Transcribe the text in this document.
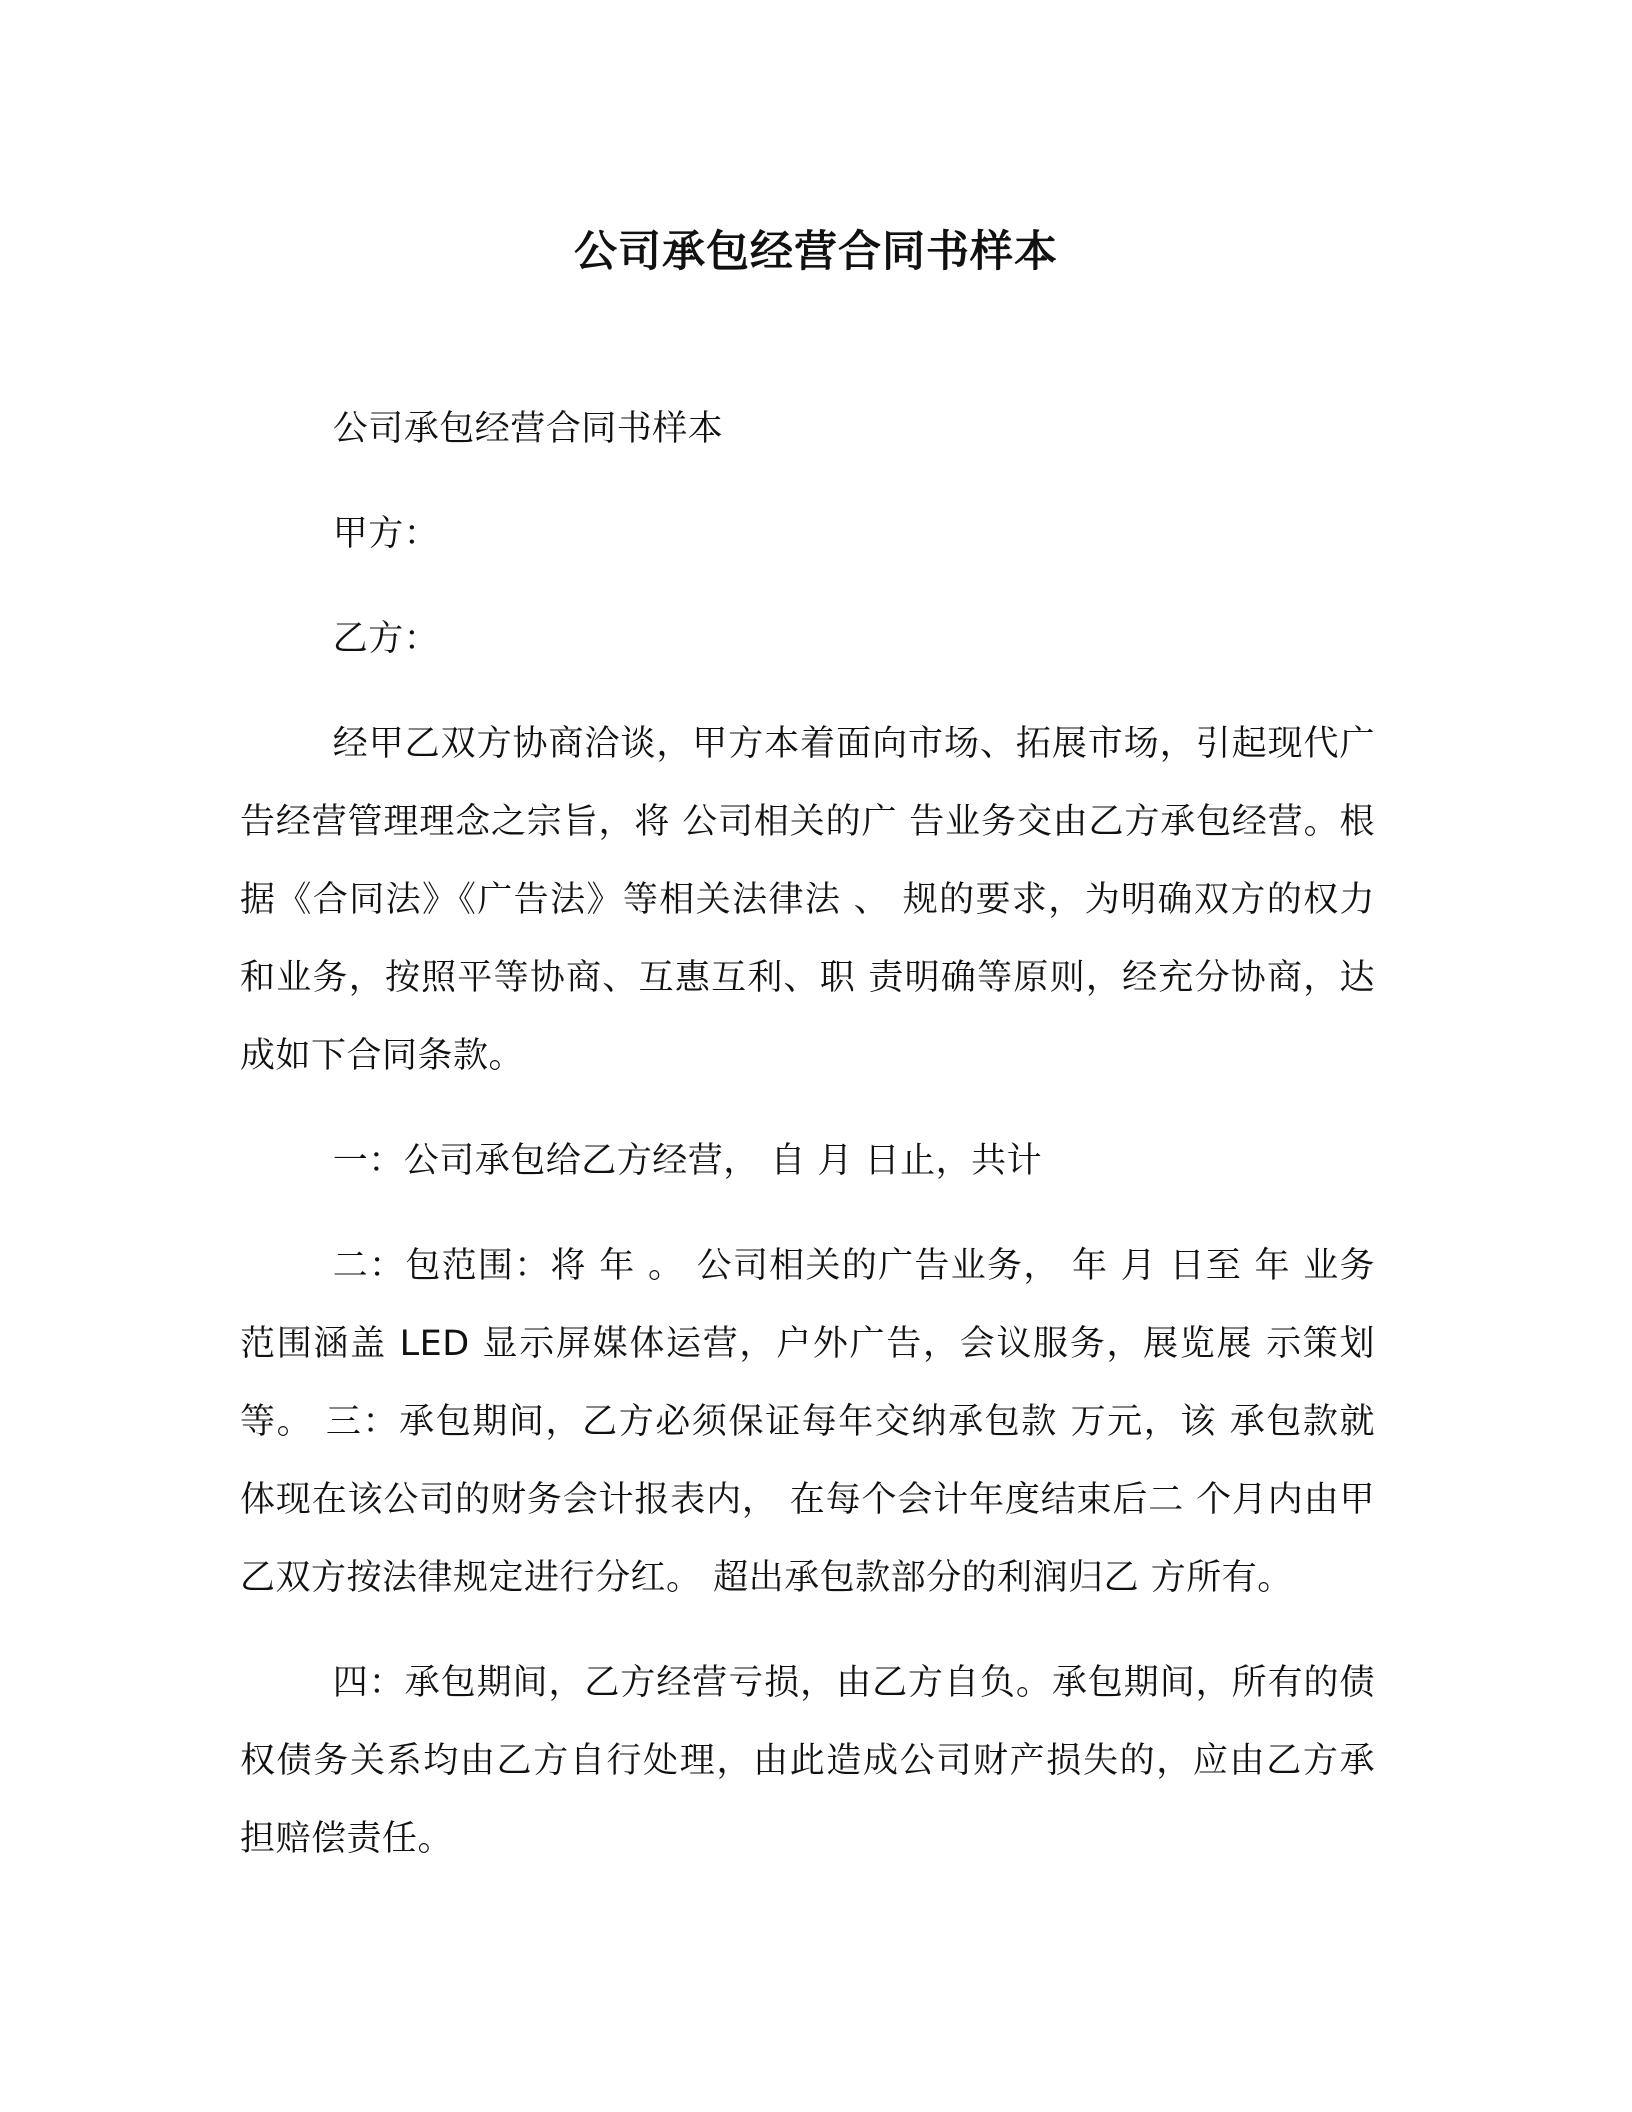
公司承包经营合同书样本

公司承包经营合同书样本

甲方：

乙方：

经甲乙双方协商洽谈，甲方本着面向市场、拓展市场，引起现代广告经营管理理念之宗旨，将 公司相关的广 告业务交由乙方承包经营。根据《合同法》《广告法》等相关法律法 、 规的要求，为明确双方的权力和业务，按照平等协商、互惠互利、职 责明确等原则，经充分协商，达成如下合同条款。

一：公司承包给乙方经营， 自 月 日止，共计

二：包范围：将 年 。 公司相关的广告业务， 年 月 日至 年 业务范围涵盖 LED 显示屏媒体运营，户外广告，会议服务，展览展 示策划等。 三：承包期间，乙方必须保证每年交纳承包款 万元，该 承包款就体现在该公司的财务会计报表内， 在每个会计年度结束后二 个月内由甲乙双方按法律规定进行分红。 超出承包款部分的利润归乙 方所有。

四：承包期间，乙方经营亏损，由乙方自负。承包期间，所有的债权债务关系均由乙方自行处理，由此造成公司财产损失的，应由乙方承担赔偿责任。
